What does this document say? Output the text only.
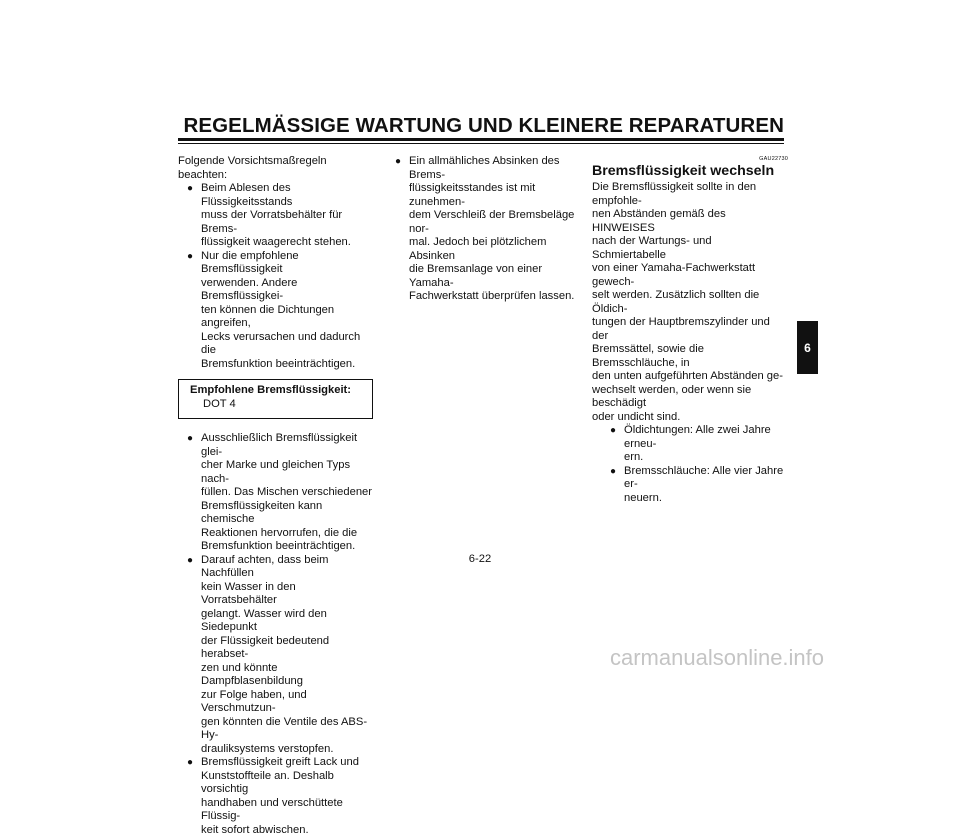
REGELMÄSSIGE WARTUNG UND KLEINERE REPARATUREN

Folgende Vorsichtsmaßregeln beachten:

● Beim Ablesen des Flüssigkeitsstands
muss der Vorratsbehälter für Brems-
flüssigkeit waagerecht stehen.

● Nur die empfohlene Bremsflüssigkeit
verwenden. Andere Bremsflüssigkei-
ten können die Dichtungen angreifen,
Lecks verursachen und dadurch die
Bremsfunktion beeinträchtigen.

Empfohlene Bremsflüssigkeit:
DOT 4

● Ausschließlich Bremsflüssigkeit glei-
cher Marke und gleichen Typs nach-
füllen. Das Mischen verschiedener
Bremsflüssigkeiten kann chemische
Reaktionen hervorrufen, die die
Bremsfunktion beeinträchtigen.

● Darauf achten, dass beim Nachfüllen
kein Wasser in den Vorratsbehälter
gelangt. Wasser wird den Siedepunkt
der Flüssigkeit bedeutend herabset-
zen und könnte Dampfblasenbildung
zur Folge haben, und Verschmutzun-
gen könnten die Ventile des ABS-Hy-
drauliksystems verstopfen.

● Bremsflüssigkeit greift Lack und
Kunststoffteile an. Deshalb vorsichtig
handhaben und verschüttete Flüssig-
keit sofort abwischen.

● Ein allmähliches Absinken des Brems-
flüssigkeitsstandes ist mit zunehmen-
dem Verschleiß der Bremsbeläge nor-
mal. Jedoch bei plötzlichem Absinken
die Bremsanlage von einer Yamaha-
Fachwerkstatt überprüfen lassen.

GAU22730
Bremsflüssigkeit wechseln
Die Bremsflüssigkeit sollte in den empfohle-
nen Abständen gemäß des HINWEISES
nach der Wartungs- und Schmiertabelle
von einer Yamaha-Fachwerkstatt gewech-
selt werden. Zusätzlich sollten die Öldich-
tungen der Hauptbremszylinder und der
Bremssättel, sowie die Bremsschläuche, in
den unten aufgeführten Abständen ge-
wechselt werden, oder wenn sie beschädigt
oder undicht sind.

● Öldichtungen: Alle zwei Jahre erneu-
ern.

● Bremsschläuche: Alle vier Jahre er-
neuern.

6
6-22
carmanualsonline.info
